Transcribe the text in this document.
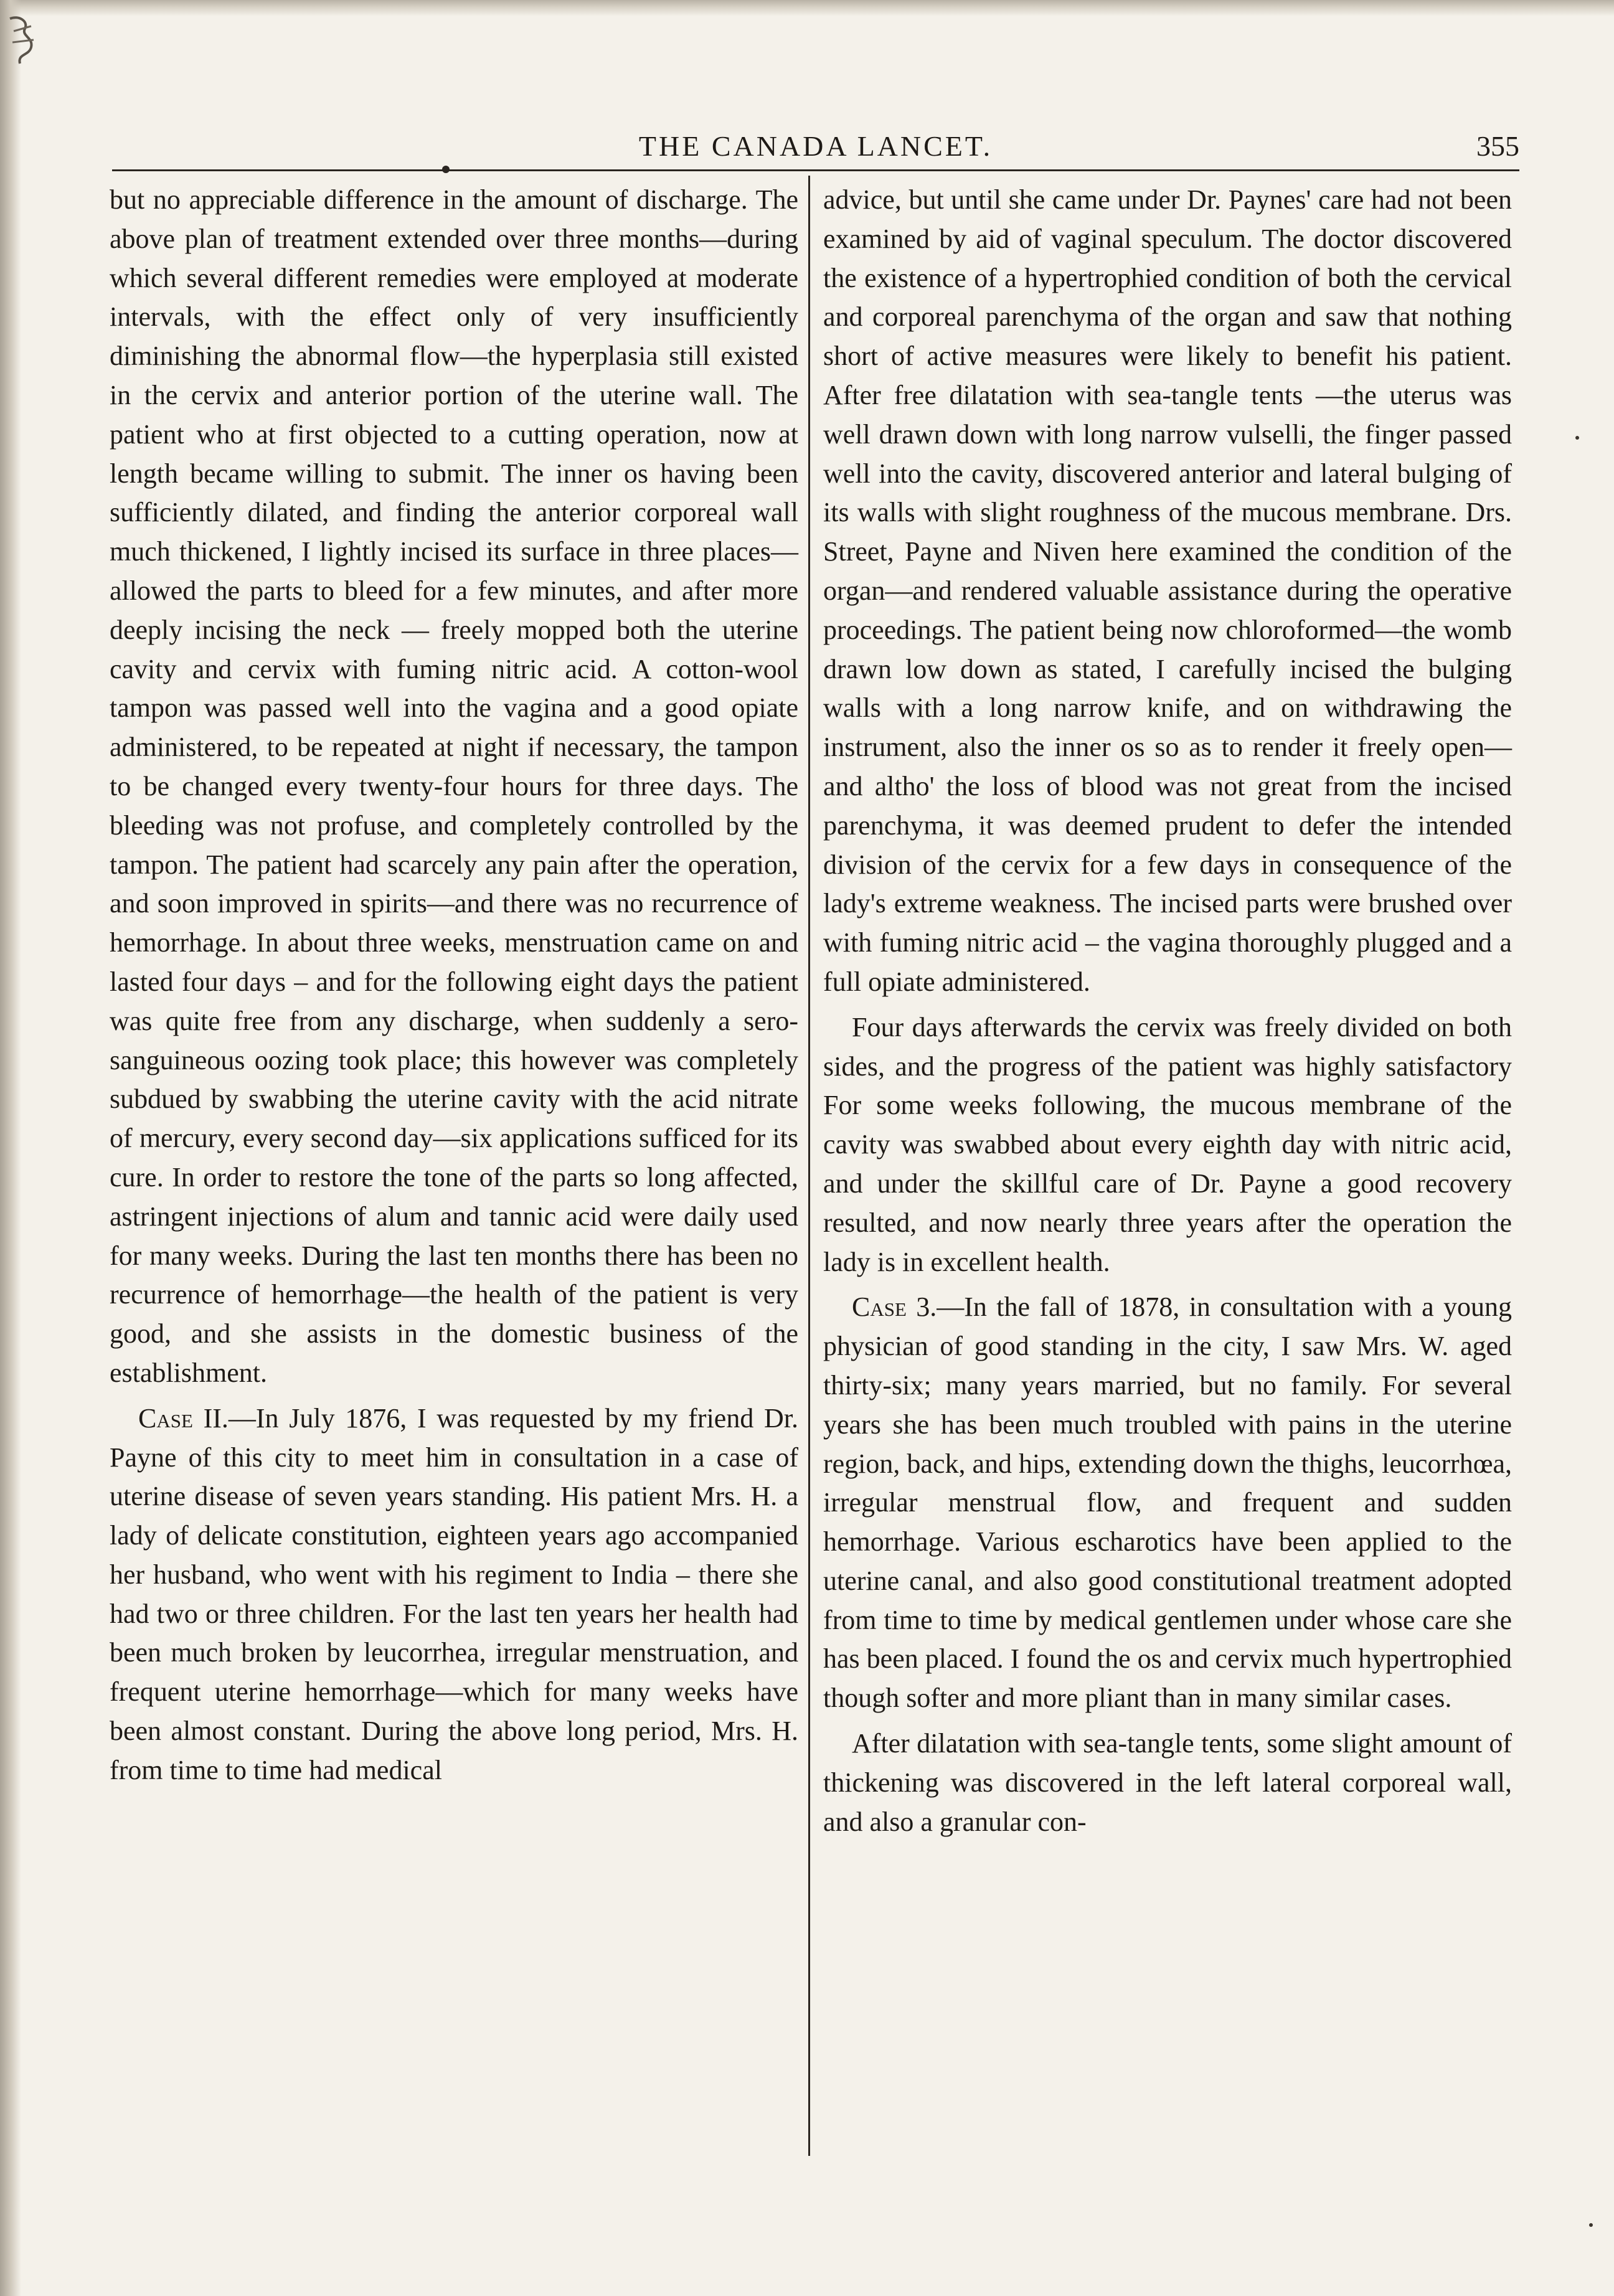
THE CANADA LANCET.	355

but no appreciable difference in the amount of discharge. The above plan of treatment extended over three months—during which several different remedies were employed at moderate intervals, with the effect only of very insufficiently diminishing the abnormal flow—the hyperplasia still existed in the cervix and anterior portion of the uterine wall. The patient who at first objected to a cutting operation, now at length became willing to submit. The inner os having been sufficiently dilated, and finding the anterior corporeal wall much thickened, I lightly incised its surface in three places—allowed the parts to bleed for a few minutes, and after more deeply incising the neck — freely mopped both the uterine cavity and cervix with fuming nitric acid. A cotton-wool tampon was passed well into the vagina and a good opiate administered, to be repeated at night if necessary, the tampon to be changed every twenty-four hours for three days. The bleeding was not profuse, and completely controlled by the tampon. The patient had scarcely any pain after the operation, and soon improved in spirits—and there was no recurrence of hemorrhage. In about three weeks, menstruation came on and lasted four days – and for the following eight days the patient was quite free from any discharge, when suddenly a sero-sanguineous oozing took place; this however was completely subdued by swabbing the uterine cavity with the acid nitrate of mercury, every second day—six applications sufficed for its cure. In order to restore the tone of the parts so long affected, astringent injections of alum and tannic acid were daily used for many weeks. During the last ten months there has been no recurrence of hemorrhage—the health of the patient is very good, and she assists in the domestic business of the establishment.

Case II.—In July 1876, I was requested by my friend Dr. Payne of this city to meet him in consultation in a case of uterine disease of seven years standing. His patient Mrs. H. a lady of delicate constitution, eighteen years ago accompanied her husband, who went with his regiment to India – there she had two or three children. For the last ten years her health had been much broken by leucorrhea, irregular menstruation, and frequent uterine hemorrhage—which for many weeks have been almost constant. During the above long period, Mrs. H. from time to time had medical

advice, but until she came under Dr. Paynes' care had not been examined by aid of vaginal speculum. The doctor discovered the existence of a hypertrophied condition of both the cervical and corporeal parenchyma of the organ and saw that nothing short of active measures were likely to benefit his patient. After free dilatation with sea-tangle tents —the uterus was well drawn down with long narrow vulselli, the finger passed well into the cavity, discovered anterior and lateral bulging of its walls with slight roughness of the mucous membrane. Drs. Street, Payne and Niven here examined the condition of the organ—and rendered valuable assistance during the operative proceedings. The patient being now chloroformed—the womb drawn low down as stated, I carefully incised the bulging walls with a long narrow knife, and on withdrawing the instrument, also the inner os so as to render it freely open—and altho' the loss of blood was not great from the incised parenchyma, it was deemed prudent to defer the intended division of the cervix for a few days in consequence of the lady's extreme weakness. The incised parts were brushed over with fuming nitric acid – the vagina thoroughly plugged and a full opiate administered.

Four days afterwards the cervix was freely divided on both sides, and the progress of the patient was highly satisfactory For some weeks following, the mucous membrane of the cavity was swabbed about every eighth day with nitric acid, and under the skillful care of Dr. Payne a good recovery resulted, and now nearly three years after the operation the lady is in excellent health.

Case 3.—In the fall of 1878, in consultation with a young physician of good standing in the city, I saw Mrs. W. aged thirty-six; many years married, but no family. For several years she has been much troubled with pains in the uterine region, back, and hips, extending down the thighs, leucorrhœa, irregular menstrual flow, and frequent and sudden hemorrhage. Various escharotics have been applied to the uterine canal, and also good constitutional treatment adopted from time to time by medical gentlemen under whose care she has been placed. I found the os and cervix much hypertrophied though softer and more pliant than in many similar cases.

After dilatation with sea-tangle tents, some slight amount of thickening was discovered in the left lateral corporeal wall, and also a granular con-
